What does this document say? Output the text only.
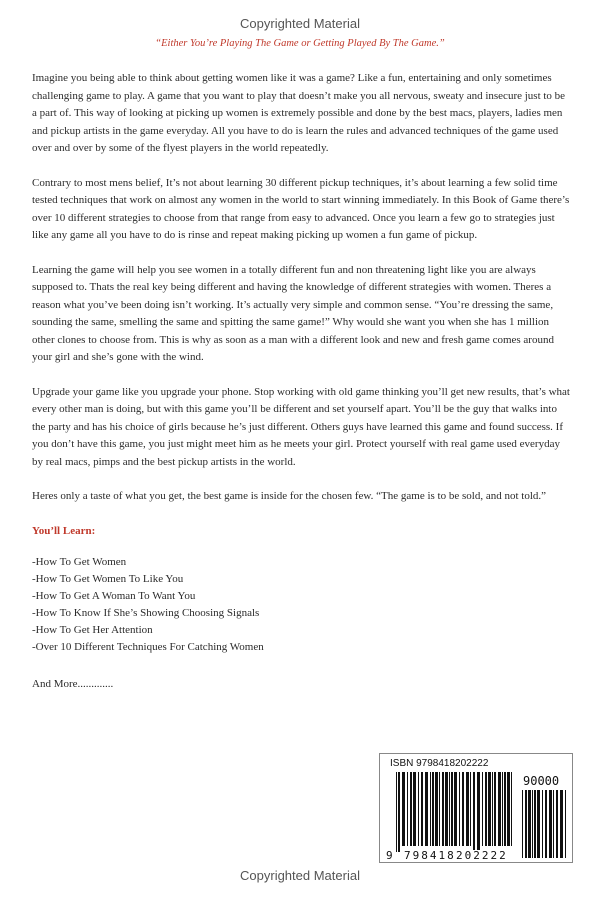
Copyrighted Material
“Either You’re Playing The Game or Getting Played By The Game.”

Imagine you being able to think about getting women like it was a game? Like a fun, entertaining and only sometimes challenging game to play. A game that you want to play that doesn’t make you all nervous, sweaty and insecure just to be a part of. This way of looking at picking up women is extremely possible and done by the best macs, players, ladies men and pickup artists in the game everyday. All you have to do is learn the rules and advanced techniques of the game used over and over by some of the flyest players in the world repeatedly.

Contrary to most mens belief, It’s not about learning 30 different pickup techniques, it’s about learning a few solid time tested techniques that work on almost any women in the world to start winning immediately. In this Book of Game there’s over 10 different strategies to choose from that range from easy to advanced. Once you learn a few go to strategies just like any game all you have to do is rinse and repeat making picking up women a fun game of pickup.

Learning the game will help you see women in a totally different fun and non threatening light like you are always supposed to. Thats the real key being different and having the knowledge of different strategies with women. Theres a reason what you’ve been doing isn’t working. It’s actually very simple and common sense. “You’re dressing the same, sounding the same, smelling the same and spitting the same game!” Why would she want you when she has 1 million other clones to choose from. This is why as soon as a man with a different look and new and fresh game comes around your girl and she’s gone with the wind.

Upgrade your game like you upgrade your phone. Stop working with old game thinking you’ll get new results, that’s what every other man is doing, but with this game you’ll be different and set yourself apart. You’ll be the guy that walks into the party and has his choice of girls because he’s just different. Others guys have learned this game and found success. If you don’t have this game, you just might meet him as he meets your girl. Protect yourself with real game used everyday by real macs, pimps and the best pickup artists in the world.

Heres only a taste of what you get, the best game is inside for the chosen few. “The game is to be sold, and not told.”

You’ll Learn:
-How To Get Women
-How To Get Women To Like You
-How To Get A Woman To Want You
-How To Know If She’s Showing Choosing Signals
-How To Get Her Attention
-Over 10 Different Techniques For Catching Women
And More.............
ISBN 9798418202222
90000
9 798418 202222
Copyrighted Material
